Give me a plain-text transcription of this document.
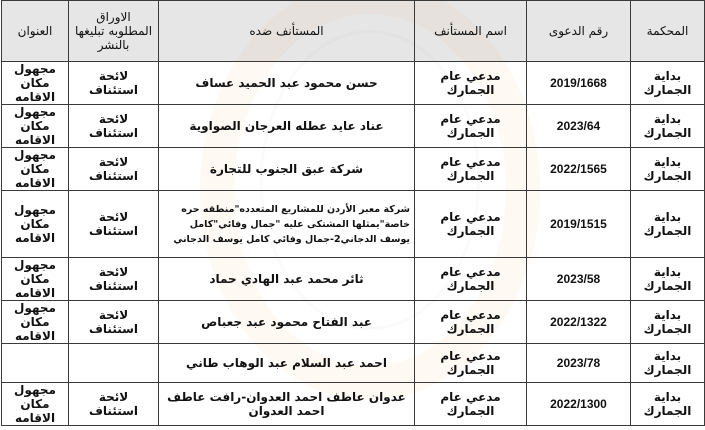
المحكمة	رقم الدعوى	اسم المستأنف	المستأنف ضده	الاوراق المطلوبه تبليغها بالنشر	العنوان
بداية الجمارك	2019/1668	مدعي عام الجمارك	حسن محمود عبد الحميد عساف	لائحة استئناف	مجهول مكان الاقامه
بداية الجمارك	2023/64	مدعي عام الجمارك	عناد عايد عطله العرجان الصواوية	لائحة استئناف	مجهول مكان الاقامه
بداية الجمارك	2022/1565	مدعي عام الجمارك	شركة عبق الجنوب للتجارة	لائحة استئناف	مجهول مكان الاقامه
بداية الجمارك	2019/1515	مدعي عام الجمارك	شركة معبر الأردن للمشاريع المتعدده"منطقه حره خاصة"يمثلها المشتكى عليه "جمال وفائي"كامل يوسف الدجاني2-جمال وفائي كامل يوسف الدجاني	لائحة استئناف	مجهول مكان الاقامه
بداية الجمارك	2023/58	مدعي عام الجمارك	ثائر محمد عبد الهادي حماد	لائحة استئناف	مجهول مكان الاقامه
بداية الجمارك	2022/1322	مدعي عام الجمارك	عبد الفتاح محمود عبد جعباص	لائحة استئناف	مجهول مكان الاقامه
بداية الجمارك	2023/78	مدعي عام الجمارك	احمد عبد السلام عبد الوهاب طاني		
بداية الجمارك	2022/1300	مدعي عام الجمارك	عدوان عاطف احمد العدوان-رافت عاطف احمد العدوان	لائحة استئناف	مجهول مكان الاقامه
